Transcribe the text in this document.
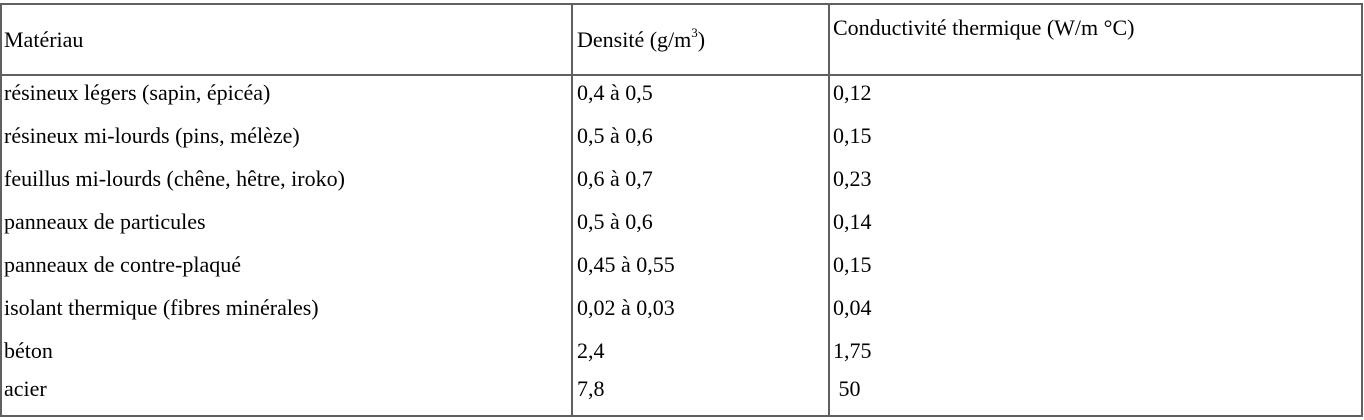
Matériau	Densité $(g/m^3)$	Conductivité thermique (W/m °C)
résineux légers (sapin, épicéa)	0,4 à 0,5	0,12
résineux mi-lourds (pins, mélèze)	0,5 à 0,6	0,15
feuillus mi-lourds (chêne, hêtre, iroko)	0,6 à 0,7	0,23
panneaux de particules	0,5 à 0,6	0,14
panneaux de contre-plaqué	0,45 à 0,55	0,15
isolant thermique (fibres minérales)	0,02 à 0,03	0,04
béton	2,4	1,75
acier	7,8	50
